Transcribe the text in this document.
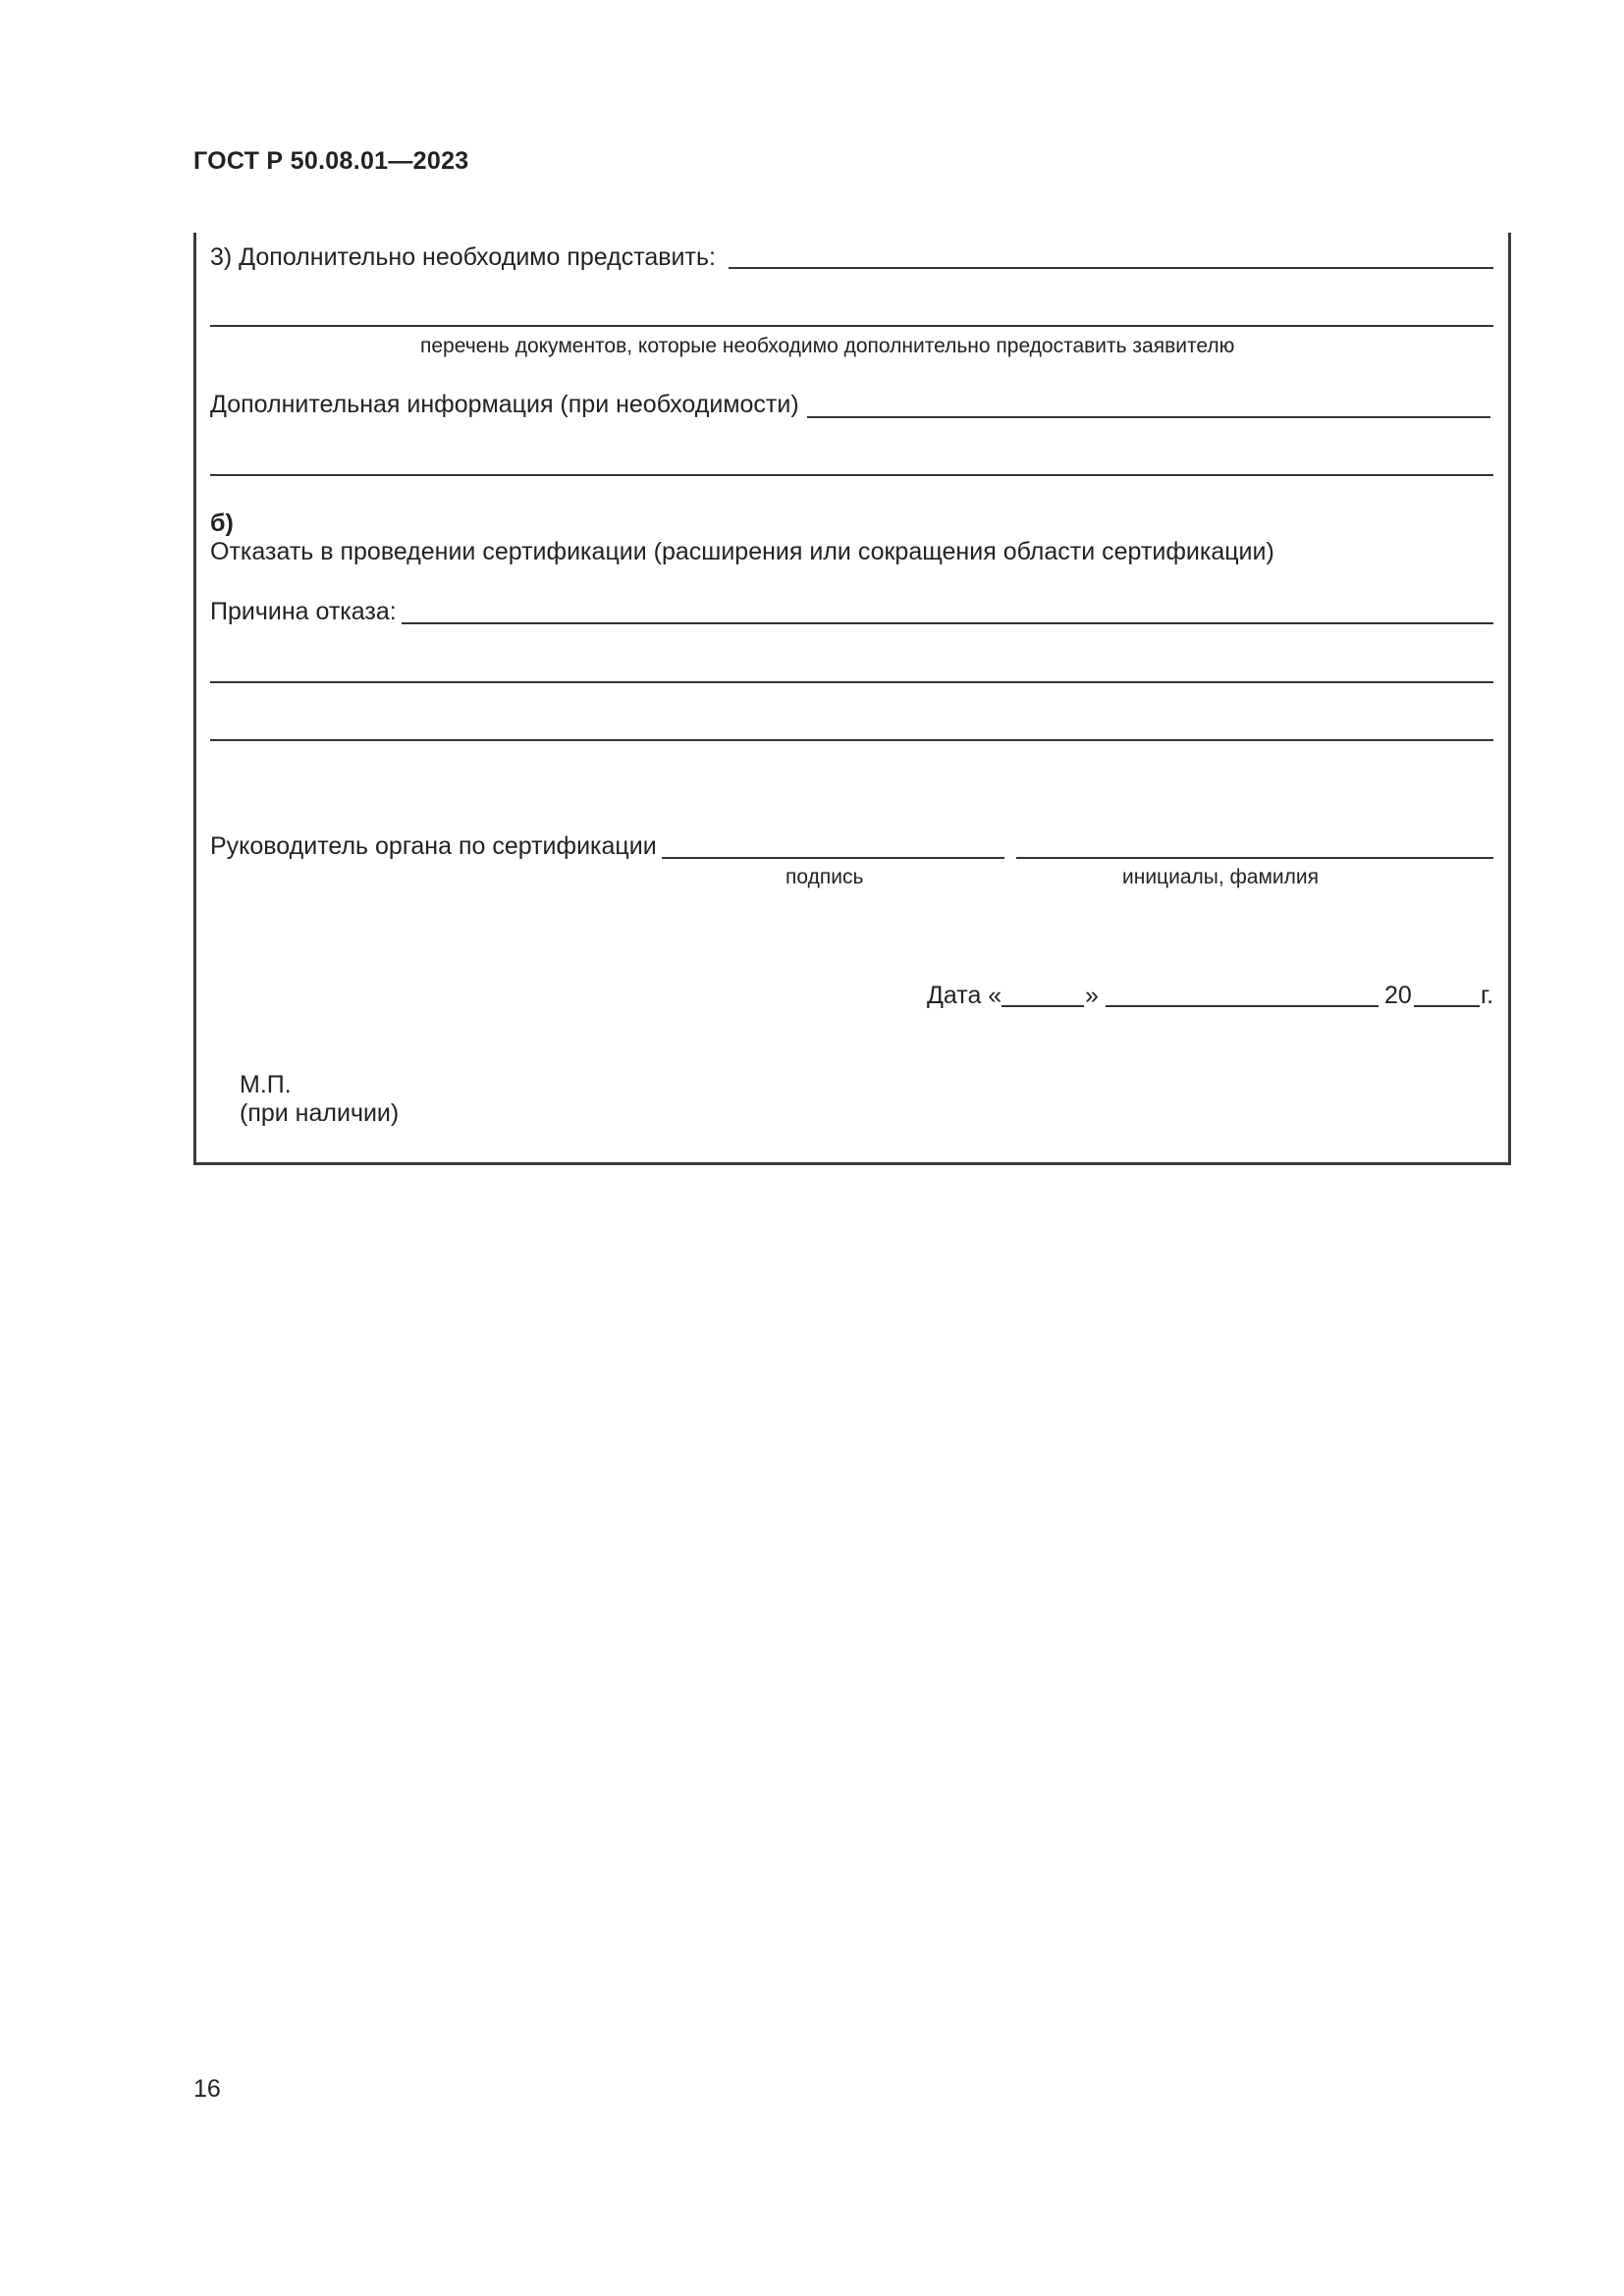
ГОСТ Р 50.08.01—2023
3) Дополнительно необходимо представить:
перечень документов, которые необходимо дополнительно предоставить заявителю
Дополнительная информация (при необходимости)
б)
Отказать в проведении сертификации (расширения или сокращения области сертификации)
Причина отказа:
Руководитель органа по сертификации
подпись	инициалы, фамилия
Дата «	»	20	г.
М.П.
(при наличии)
16
